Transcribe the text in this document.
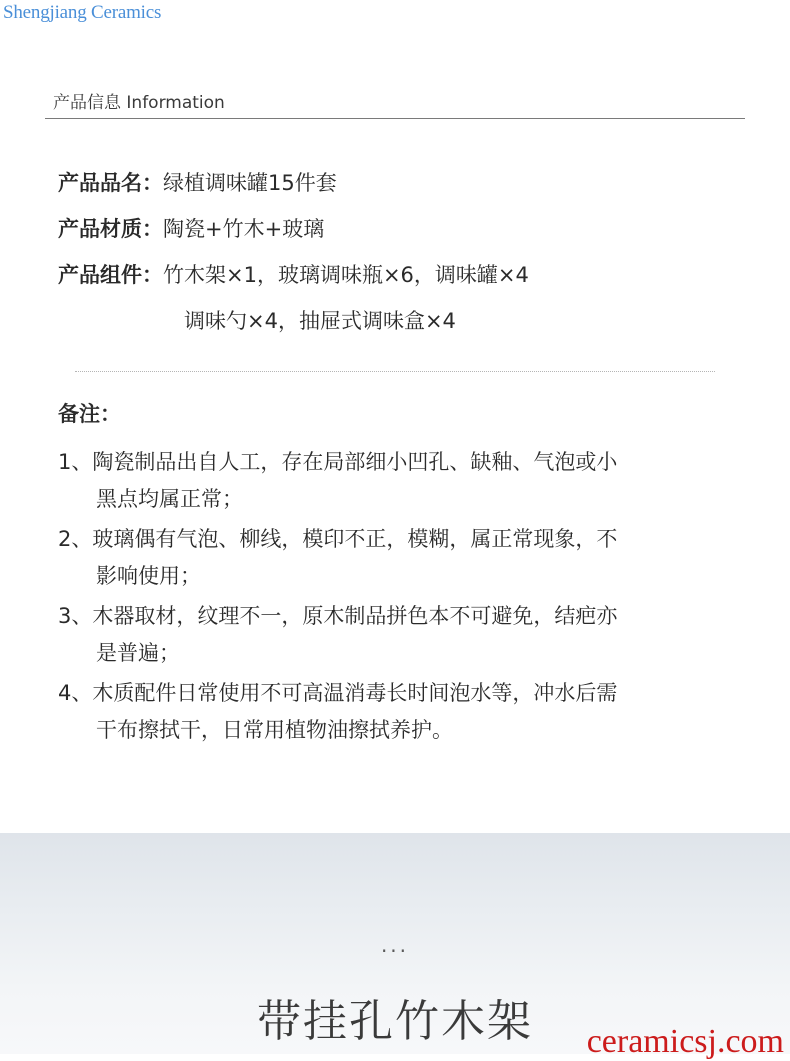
Shengjiang Ceramics
产品信息 Information
产品品名： 绿植调味罐15件套
产品材质： 陶瓷+竹木+玻璃
产品组件： 竹木架×1，玻璃调味瓶×6，调味罐×4
调味勺×4，抽屉式调味盒×4
备注：
1、陶瓷制品出自人工，存在局部细小凹孔、缺釉、气泡或小
黑点均属正常；
2、玻璃偶有气泡、柳线，模印不正，模糊，属正常现象，不
影响使用；
3、木器取材，纹理不一，原木制品拼色本不可避免，结疤亦
是普遍；
4、木质配件日常使用不可高温消毒长时间泡水等，冲水后需
干布擦拭干，日常用植物油擦拭养护。
...
带挂孔竹木架	ceramicsj.com
